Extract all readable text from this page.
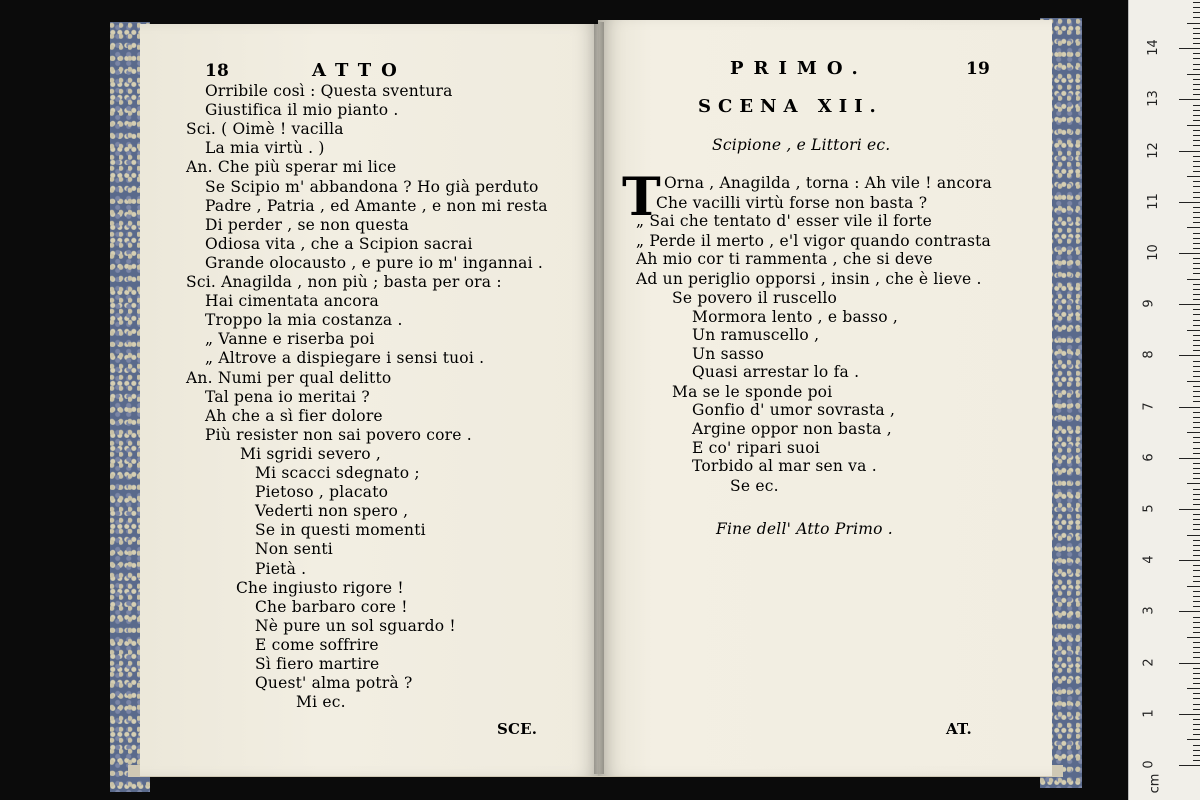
18	ATTO
Orribile così : Questa sventura
Giustifica il mio pianto .
Sci. ( Oimè ! vacilla
La mia virtù . )
An. Che più sperar mi lice
Se Scipio m' abbandona ? Ho già perduto
Padre , Patria , ed Amante , e non mi resta
Di perder , se non questa
Odiosa vita , che a Scipion sacrai
Grande olocausto , e pure io m' ingannai .
Sci. Anagilda , non più ; basta per ora :
Hai cimentata ancora
Troppo la mia costanza .
„ Vanne e riserba poi
„ Altrove a dispiegare i sensi tuoi .
An. Numi per qual delitto
Tal pena io meritai ?
Ah che a sì fier dolore
Più resister non sai povero core .
Mi sgridi severo ,
Mi scacci sdegnato ;
Pietoso , placato
Vederti non spero ,
Se in questi momenti
Non senti
Pietà .
Che ingiusto rigore !
Che barbaro core !
Nè pure un sol sguardo !
E come soffrire
Sì fiero martire
Quest' alma potrà ?
Mi ec.
SCE.
PRIMO.	19
SCENA XII.
Scipione , e Littori ec.
T Orna , Anagilda , torna : Ah vile ! ancora
Che vacilli virtù forse non basta ?
„ Sai che tentato d' esser vile il forte
„ Perde il merto , e'l vigor quando contrasta
Ah mio cor ti rammenta , che si deve
Ad un periglio opporsi , insin , che è lieve .
Se povero il ruscello
Mormora lento , e basso ,
Un ramuscello ,
Un sasso
Quasi arrestar lo fa .
Ma se le sponde poi
Gonfio d' umor sovrasta ,
Argine oppor non basta ,
E co' ripari suoi
Torbido al mar sen va .
Se ec.
Fine dell' Atto Primo .
AT.
0
1
2
3
4
5
6
7
8
9
10
11
12
13
14
cm
